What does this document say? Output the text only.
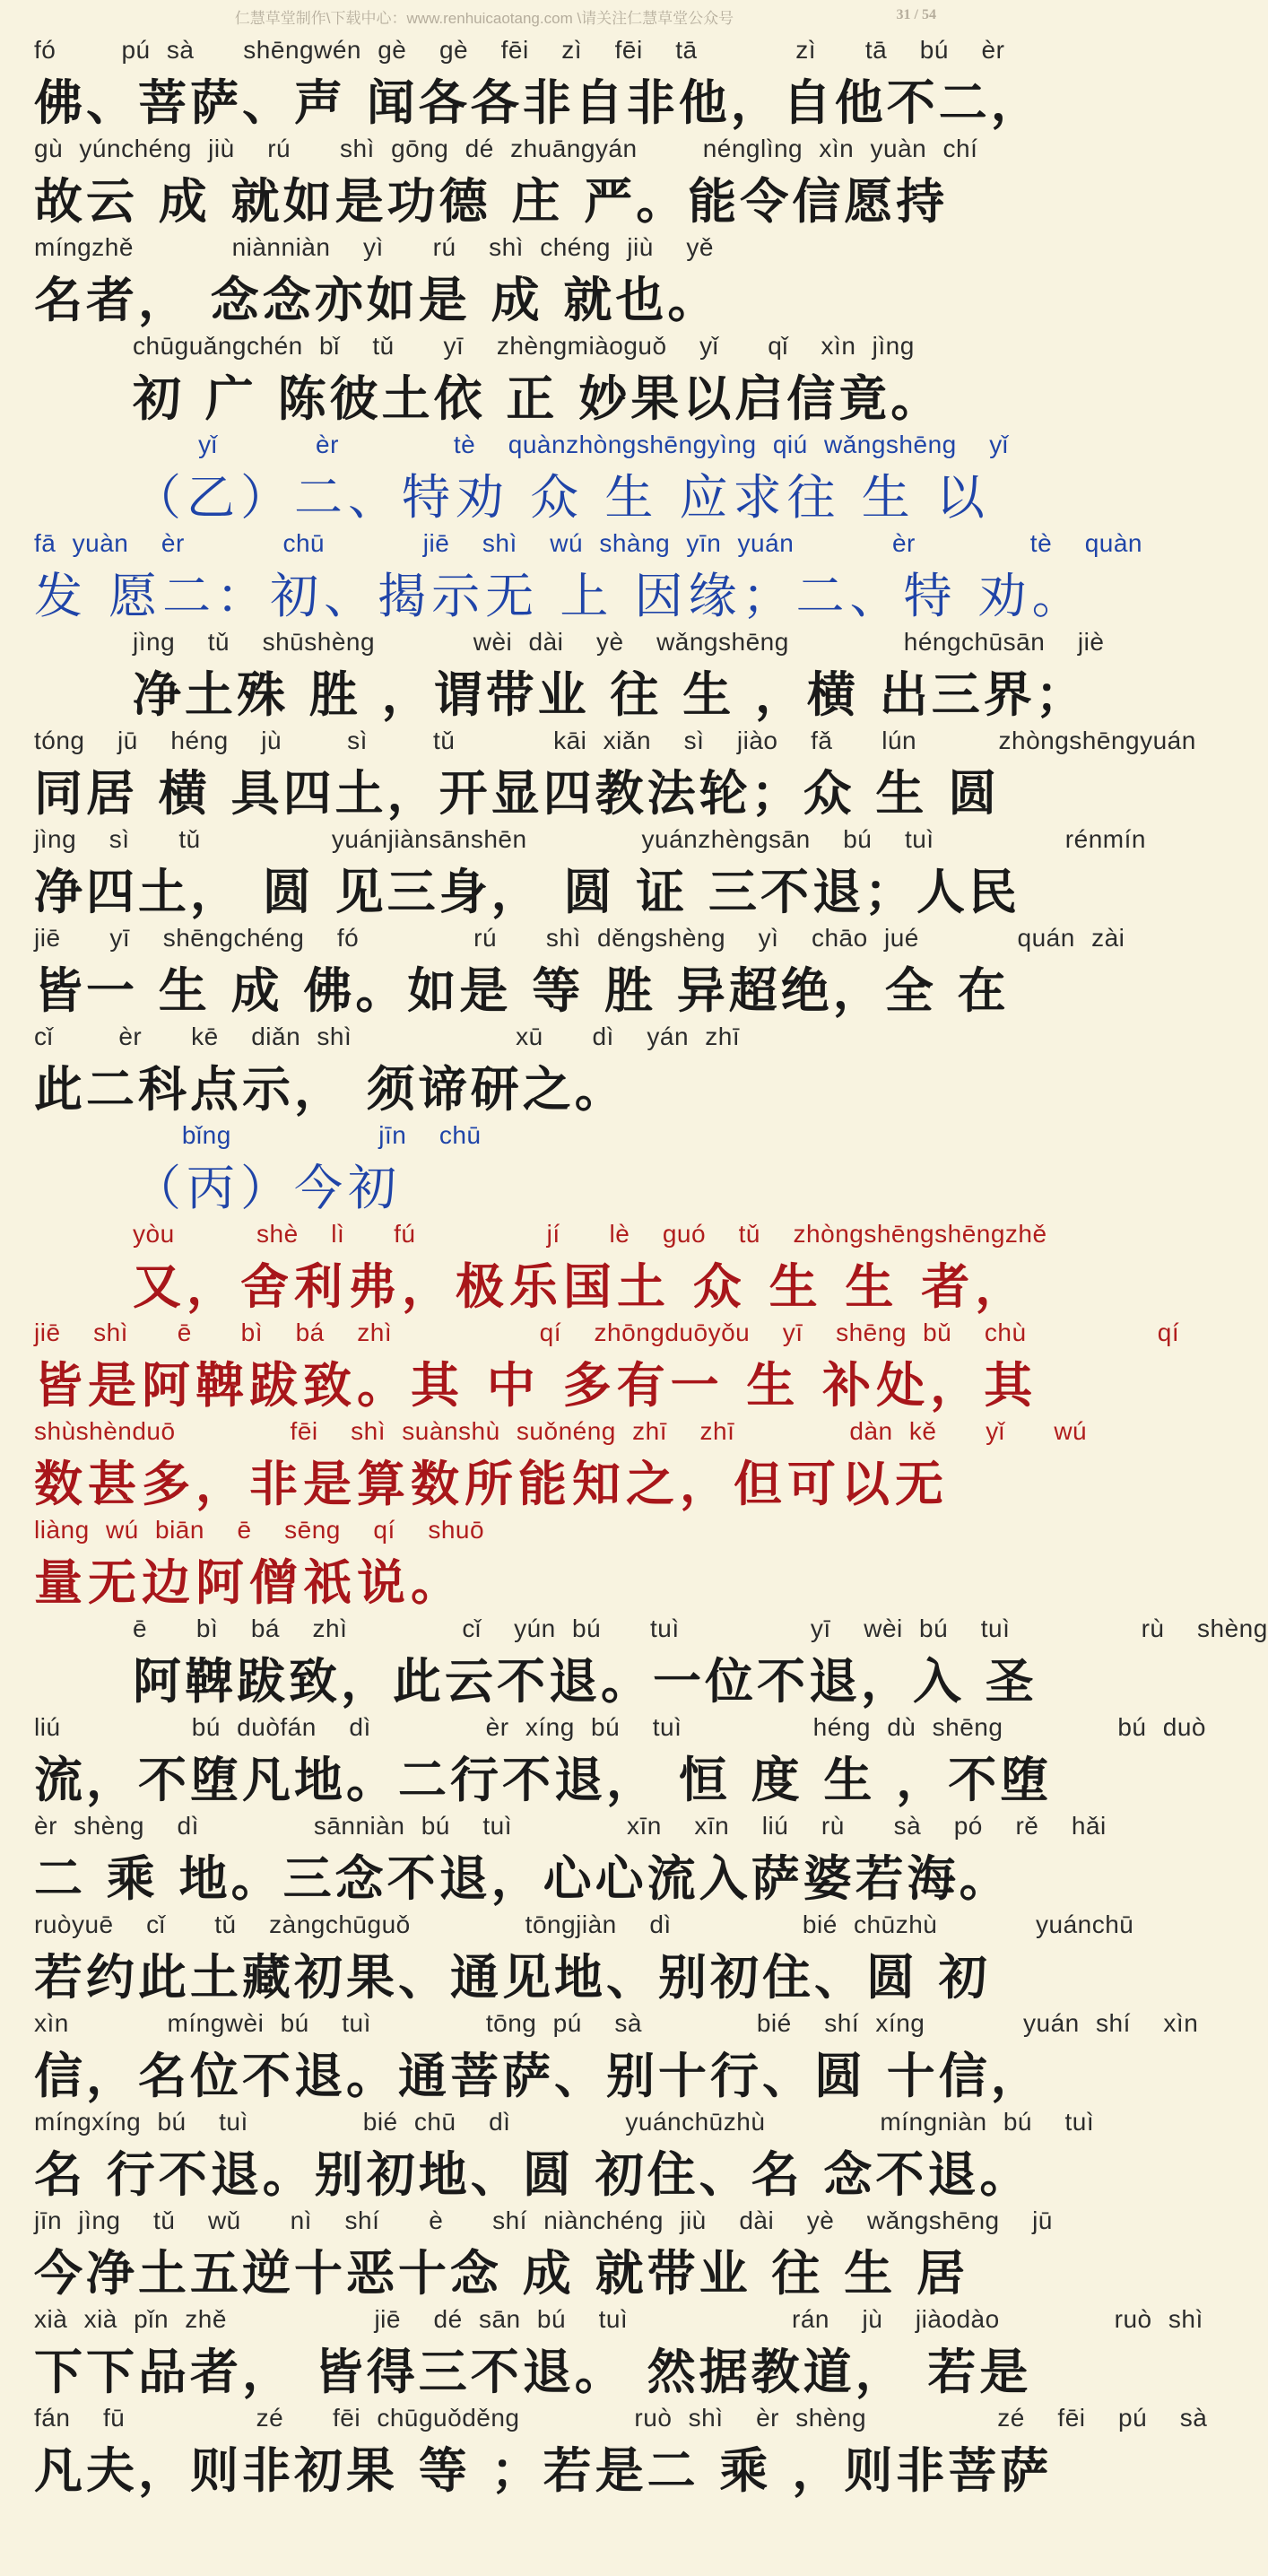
仁慧草堂制作\下载中心：www.renhuicaotang.com \请关注仁慧草堂公众号	31 / 54
fó    pú sà   shēngwén gè  gè  fēi  zì  fēi  tā      zì   tā  bú  èr
佛、菩萨、声 闻各各非自非他，自他不二，
gù yúnchéng jiù  rú   shì gōng dé zhuāngyán    nénglìng xìn yuàn chí
故云 成 就如是功德 庄 严。能令信愿持
míngzhě      niànniàn  yì   rú  shì chéng jiù  yě
名者， 念念亦如是 成 就也。
chūguǎngchén bǐ  tǔ   yī  zhèngmiàoguǒ  yǐ   qǐ  xìn jìng
初 广 陈彼土依 正 妙果以启信竟。
yǐ      èr       tè  quànzhòngshēngyìng qiú wǎngshēng  yǐ
（乙）二、特劝 众 生 应求往 生 以
fā yuàn  èr      chū      jiē  shì  wú shàng yīn yuán      èr       tè  quàn
发 愿二：初、揭示无 上 因缘；二、特 劝。
jìng  tǔ  shūshèng      wèi dài  yè  wǎngshēng       héngchūsān  jiè
净土殊 胜 ，谓带业 往 生 ，横 出三界；
tóng  jū  héng  jù    sì    tǔ      kāi xiǎn  sì  jiào  fǎ   lún     zhòngshēngyuán
同居 横 具四土，开显四教法轮；众 生 圆
jìng  sì   tǔ        yuánjiànsānshēn       yuánzhèngsān  bú  tuì        rénmín
净四土， 圆 见三身， 圆 证 三不退；人民
jiē   yī  shēngchéng  fó       rú   shì děngshèng  yì  chāo jué      quán zài
皆一 生 成 佛。如是 等 胜 异超绝，全 在
cǐ    èr   kē  diǎn shì          xū   dì  yán zhī
此二科点示， 须谛研之。
bǐng         jīn  chū
（丙）今初
yòu     shè  lì   fú        jí   lè  guó  tǔ  zhòngshēngshēngzhě
又，舍利弗，极乐国土 众 生 生 者，
jiē  shì   ē   bì  bá  zhì         qí  zhōngduōyǒu  yī  shēng bǔ  chù        qí
皆是阿鞞跋致。其 中 多有一 生 补处，其
shùshènduō       fēi  shì suànshù suǒnéng zhī  zhī       dàn kě   yǐ   wú
数甚多，非是算数所能知之，但可以无
liàng wú biān  ē  sēng  qí  shuō
量无边阿僧祇说。
ē   bì  bá  zhì       cǐ  yún bú   tuì        yī  wèi bú  tuì        rù  shèng
阿鞞跋致，此云不退。一位不退，入 圣
liú        bú duòfán  dì       èr xíng bú  tuì        héng dù shēng       bú duò
流，不堕凡地。二行不退， 恒 度 生 ，不堕
èr shèng  dì       sānniàn bú  tuì       xīn  xīn  liú  rù   sà  pó  rě  hǎi
二 乘 地。三念不退，心心流入萨婆若海。
ruòyuē  cǐ   tǔ  zàngchūguǒ       tōngjiàn  dì        bié chūzhù      yuánchū
若约此土藏初果、通见地、别初住、圆 初
xìn      míngwèi bú  tuì       tōng pú  sà       bié  shí xíng      yuán shí  xìn
信，名位不退。通菩萨、别十行、圆 十信，
míngxíng bú  tuì       bié chū  dì       yuánchūzhù       míngniàn bú  tuì
名 行不退。别初地、圆 初住、名 念不退。
jīn jìng  tǔ  wǔ   nì  shí   è   shí niànchéng jiù  dài  yè  wǎngshēng  jū
今净土五逆十恶十念 成 就带业 往 生 居
xià xià pǐn zhě         jiē  dé sān bú  tuì          rán  jù  jiàodào       ruò shì
下下品者， 皆得三不退。 然据教道， 若是
fán  fū        zé   fēi chūguǒděng       ruò shì  èr shèng        zé  fēi  pú  sà
凡夫，则非初果 等 ；若是二 乘 ，则非菩萨
